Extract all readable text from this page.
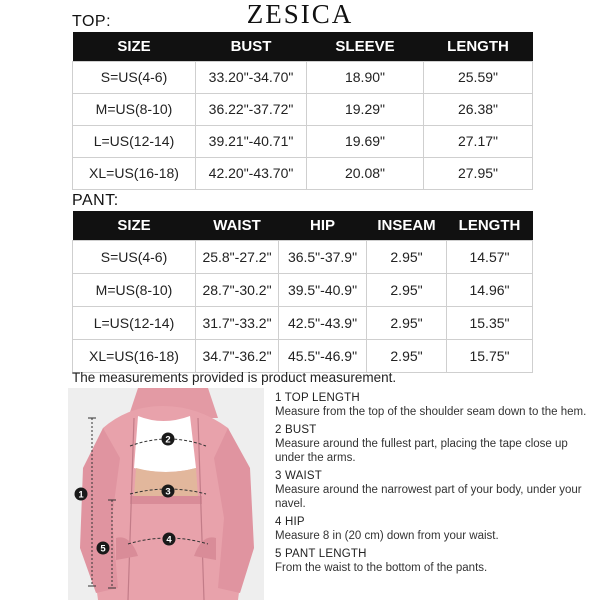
ZESICA
TOP:
SIZE	BUST	SLEEVE	LENGTH
S=US(4-6)	33.20"-34.70"	18.90"	25.59"
M=US(8-10)	36.22"-37.72"	19.29"	26.38"
L=US(12-14)	39.21"-40.71"	19.69"	27.17"
XL=US(16-18)	42.20"-43.70"	20.08"	27.95"
PANT:
SIZE	WAIST	HIP	INSEAM	LENGTH
S=US(4-6)	25.8"-27.2"	36.5"-37.9"	2.95"	14.57"
M=US(8-10)	28.7"-30.2"	39.5"-40.9"	2.95"	14.96"
L=US(12-14)	31.7"-33.2"	42.5"-43.9"	2.95"	15.35"
XL=US(16-18)	34.7"-36.2"	45.5"-46.9"	2.95"	15.75"
The measurements provided is product measurement.
2
1	3
4
5
1 TOP LENGTH
Measure from the top of the shoulder seam down to the hem.
2 BUST
Measure around the fullest part, placing the tape close up under the arms.
3 WAIST
Measure around the narrowest part of your body, under your navel.
4 HIP
Measure 8 in (20 cm) down from your waist.
5 PANT LENGTH
From the waist to the bottom of the pants.
